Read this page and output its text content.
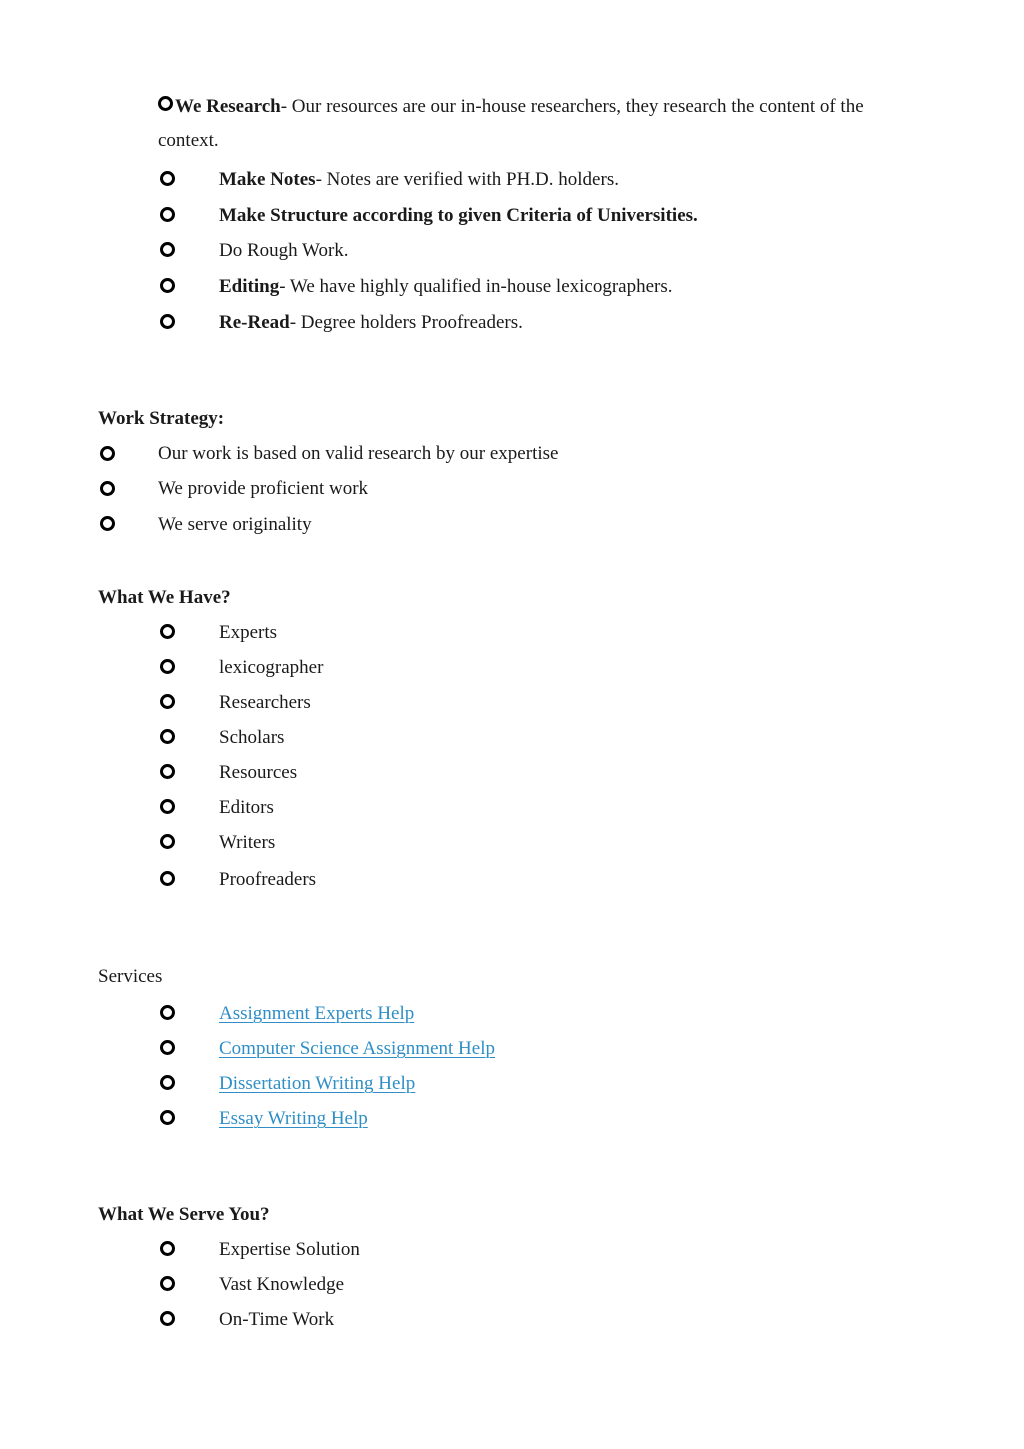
We Research- Our resources are our in-house researchers, they research the content of the
context.
Make Notes- Notes are verified with PH.D. holders.
Make Structure according to given Criteria of Universities.
Do Rough Work.
Editing- We have highly qualified in-house lexicographers.
Re-Read- Degree holders Proofreaders.
Work Strategy:
Our work is based on valid research by our expertise
We provide proficient work
We serve originality
What We Have?
Experts
lexicographer
Researchers
Scholars
Resources
Editors
Writers
Proofreaders
Services
Assignment Experts Help
Computer Science Assignment Help
Dissertation Writing Help
Essay Writing Help
What We Serve You?
Expertise Solution
Vast Knowledge
On-Time Work
